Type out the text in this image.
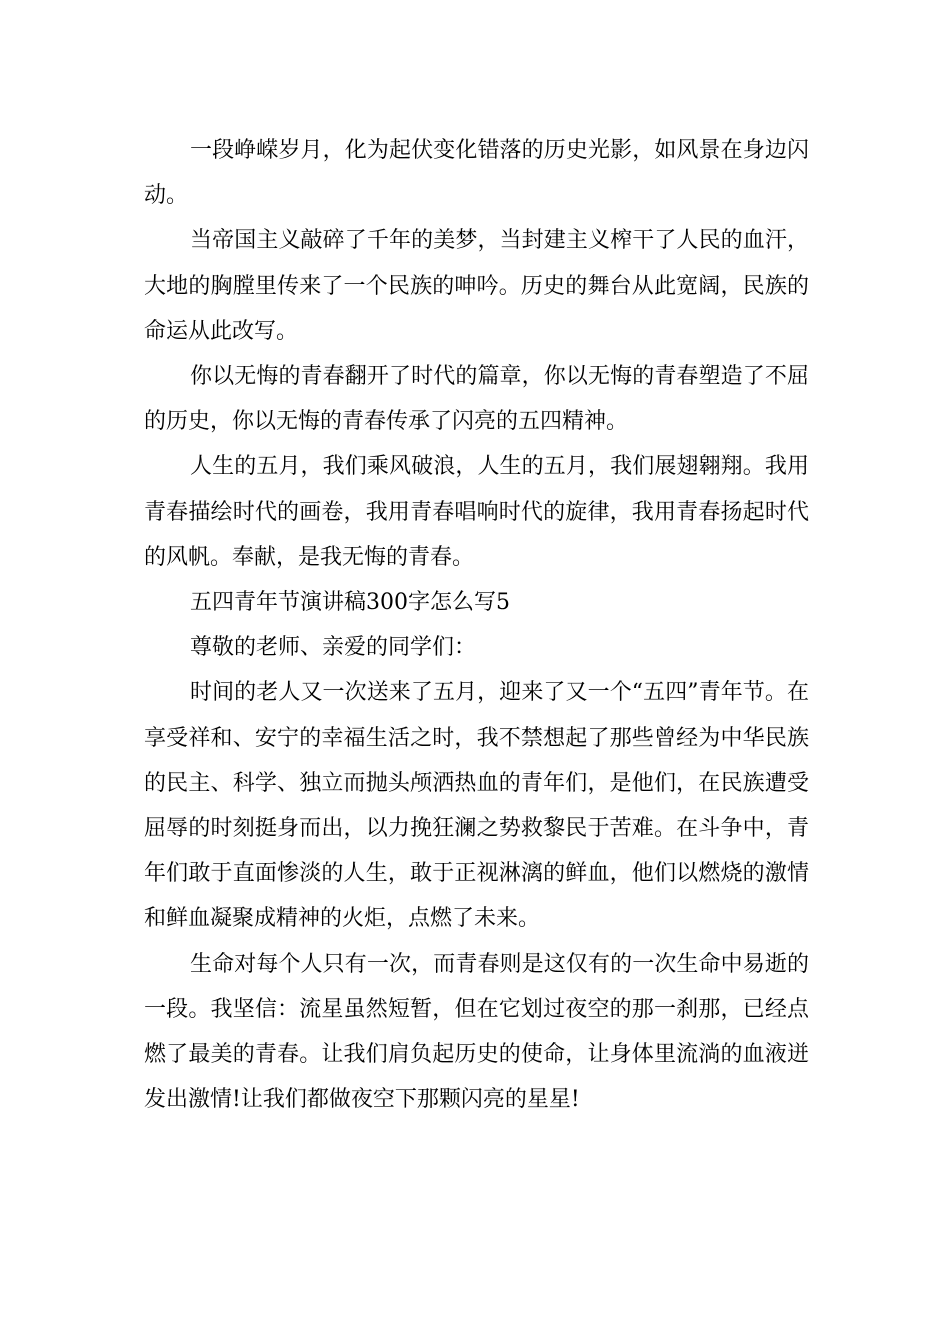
一段峥嵘岁月，化为起伏变化错落的历史光影，如风景在身边闪动。

当帝国主义敲碎了千年的美梦，当封建主义榨干了人民的血汗，大地的胸膛里传来了一个民族的呻吟。历史的舞台从此宽阔，民族的命运从此改写。

你以无悔的青春翻开了时代的篇章，你以无悔的青春塑造了不屈的历史，你以无悔的青春传承了闪亮的五四精神。

人生的五月，我们乘风破浪，人生的五月，我们展翅翱翔。我用青春描绘时代的画卷，我用青春唱响时代的旋律，我用青春扬起时代的风帆。奉献，是我无悔的青春。

五四青年节演讲稿300字怎么写5

尊敬的老师、亲爱的同学们：

时间的老人又一次送来了五月，迎来了又一个“五四”青年节。在享受祥和、安宁的幸福生活之时，我不禁想起了那些曾经为中华民族的民主、科学、独立而抛头颅洒热血的青年们，是他们，在民族遭受屈辱的时刻挺身而出，以力挽狂澜之势救黎民于苦难。在斗争中，青年们敢于直面惨淡的人生，敢于正视淋漓的鲜血，他们以燃烧的激情和鲜血凝聚成精神的火炬，点燃了未来。

生命对每个人只有一次，而青春则是这仅有的一次生命中易逝的一段。我坚信：流星虽然短暂，但在它划过夜空的那一刹那，已经点燃了最美的青春。让我们肩负起历史的使命，让身体里流淌的血液迸发出激情!让我们都做夜空下那颗闪亮的星星!
